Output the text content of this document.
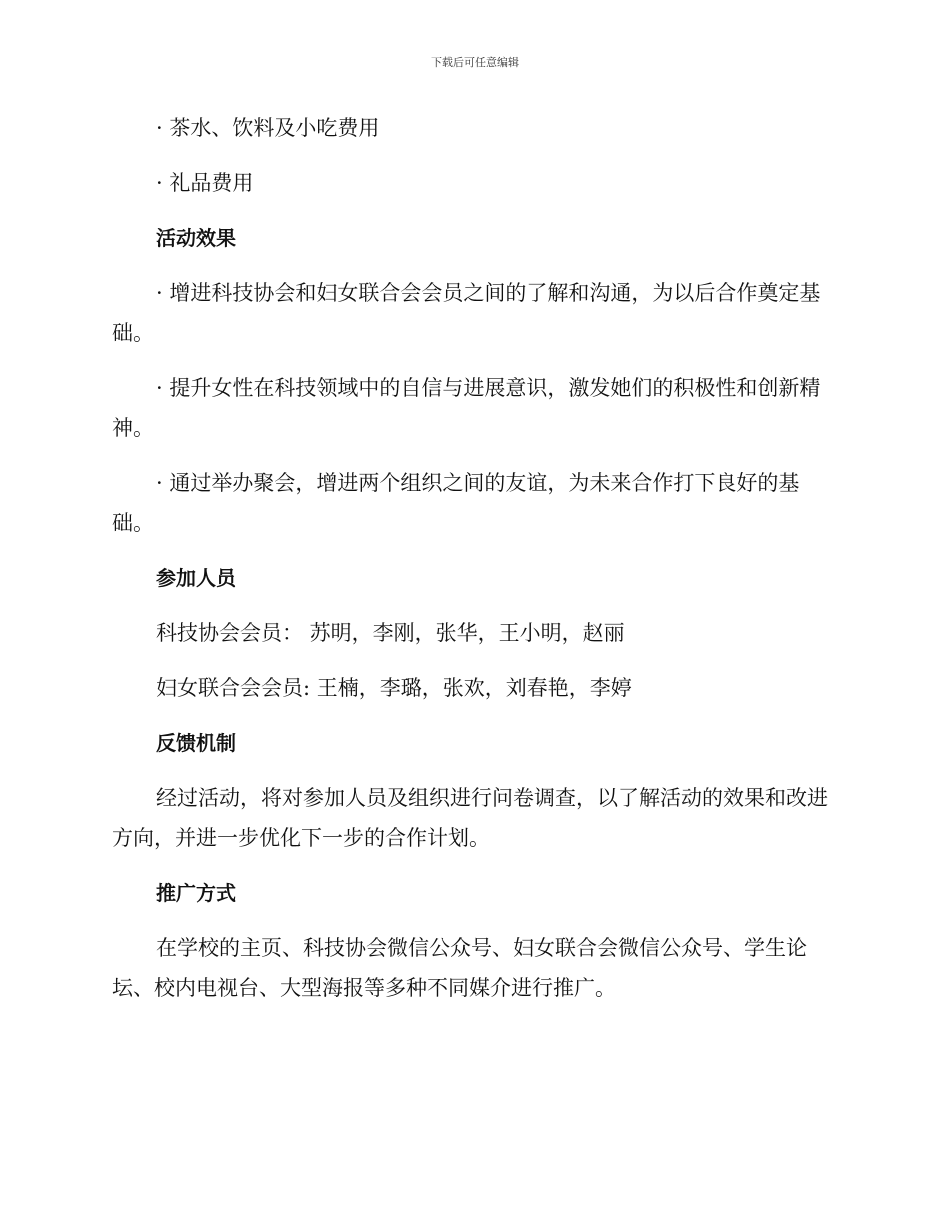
下载后可任意编辑

· 茶水、饮料及小吃费用

· 礼品费用

活动效果

· 增进科技协会和妇女联合会会员之间的了解和沟通，为以后合作奠定基础。

· 提升女性在科技领域中的自信与进展意识，激发她们的积极性和创新精神。

· 通过举办聚会，增进两个组织之间的友谊，为未来合作打下良好的基础。

参加人员

科技协会会员： 苏明，李刚，张华，王小明，赵丽

妇女联合会会员: 王楠，李璐，张欢，刘春艳，李婷

反馈机制

经过活动，将对参加人员及组织进行问卷调查，以了解活动的效果和改进方向，并进一步优化下一步的合作计划。

推广方式

在学校的主页、科技协会微信公众号、妇女联合会微信公众号、学生论坛、校内电视台、大型海报等多种不同媒介进行推广。
